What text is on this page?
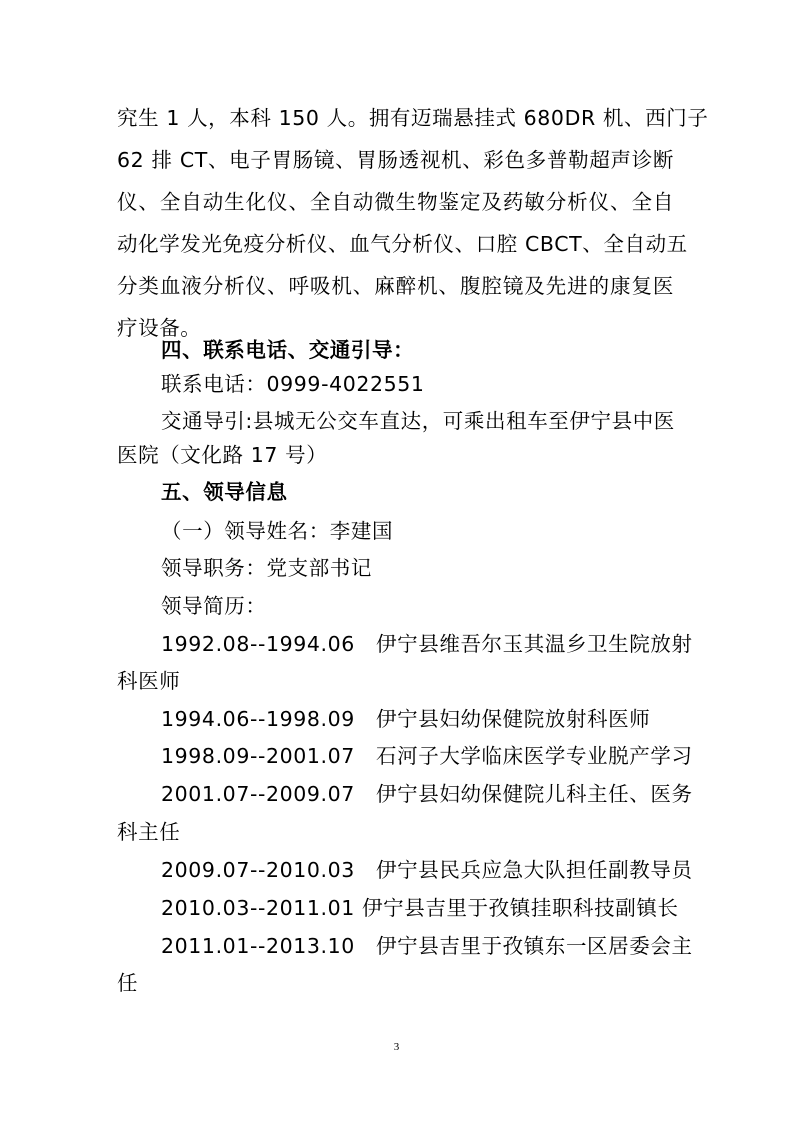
究生 1 人，本科 150 人。拥有迈瑞悬挂式 680DR 机、西门子
62 排 CT、电子胃肠镜、胃肠透视机、彩色多普勒超声诊断
仪、全自动生化仪、全自动微生物鉴定及药敏分析仪、全自
动化学发光免疫分析仪、血气分析仪、口腔 CBCT、全自动五
分类血液分析仪、呼吸机、麻醉机、腹腔镜及先进的康复医
疗设备。
四、联系电话、交通引导：
联系电话：0999-4022551
交通导引:县城无公交车直达，可乘出租车至伊宁县中医
医院（文化路 17 号）
五、领导信息
（一）领导姓名：李建国
领导职务：党支部书记
领导简历：
1992.08--1994.06　伊宁县维吾尔玉其温乡卫生院放射
科医师
1994.06--1998.09　伊宁县妇幼保健院放射科医师
1998.09--2001.07　石河子大学临床医学专业脱产学习
2001.07--2009.07　伊宁县妇幼保健院儿科主任、医务
科主任
2009.07--2010.03　伊宁县民兵应急大队担任副教导员
2010.03--2011.01 伊宁县吉里于孜镇挂职科技副镇长
2011.01--2013.10　伊宁县吉里于孜镇东一区居委会主
任
3
